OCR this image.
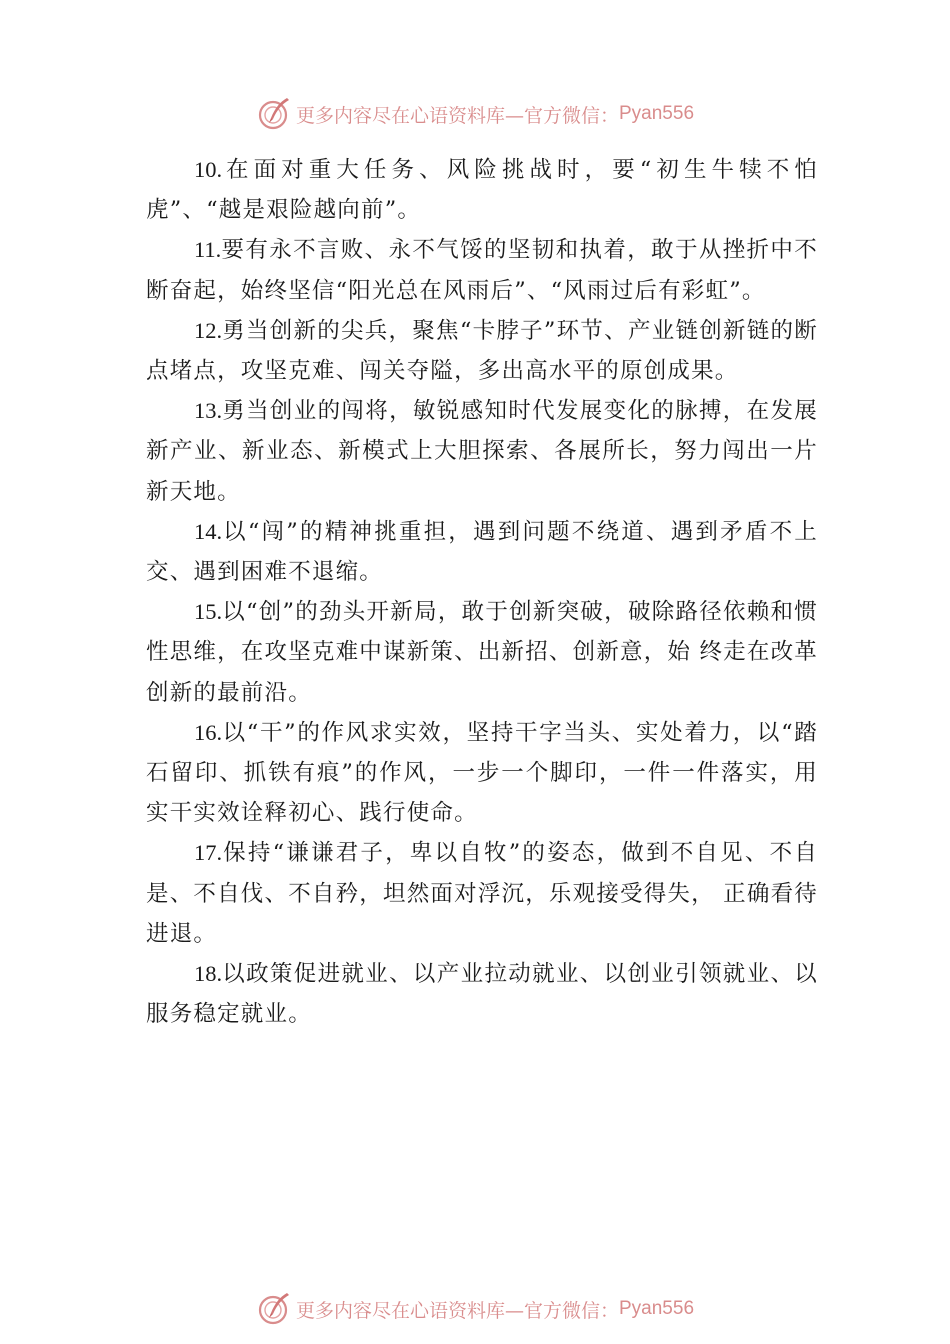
更多内容尽在心语资料库—官方微信： Pyan556

10.在面对重大任务、风险挑战时，要“初生牛犊不怕虎”、“越是艰险越向前”。

11.要有永不言败、永不气馁的坚韧和执着，敢于从挫折中不断奋起，始终坚信“阳光总在风雨后”、“风雨过后有彩虹”。

12.勇当创新的尖兵，聚焦“卡脖子”环节、产业链创新链的断点堵点，攻坚克难、闯关夺隘，多出高水平的原创成果。

13.勇当创业的闯将，敏锐感知时代发展变化的脉搏，在发展新产业、新业态、新模式上大胆探索、各展所长，努力闯出一片新天地。

14.以“闯”的精神挑重担，遇到问题不绕道、遇到矛盾不上交、遇到困难不退缩。

15.以“创”的劲头开新局，敢于创新突破，破除路径依赖和惯性思维，在攻坚克难中谋新策、出新招、创新意，始 终走在改革创新的最前沿。

16.以“干”的作风求实效，坚持干字当头、实处着力，以“踏石留印、抓铁有痕”的作风，一步一个脚印，一件一件落实，用实干实效诠释初心、践行使命。

17.保持“谦谦君子，卑以自牧”的姿态，做到不自见、不自是、不自伐、不自矜，坦然面对浮沉，乐观接受得失， 正确看待进退。

18.以政策促进就业、以产业拉动就业、以创业引领就业、以服务稳定就业。

更多内容尽在心语资料库—官方微信： Pyan556
